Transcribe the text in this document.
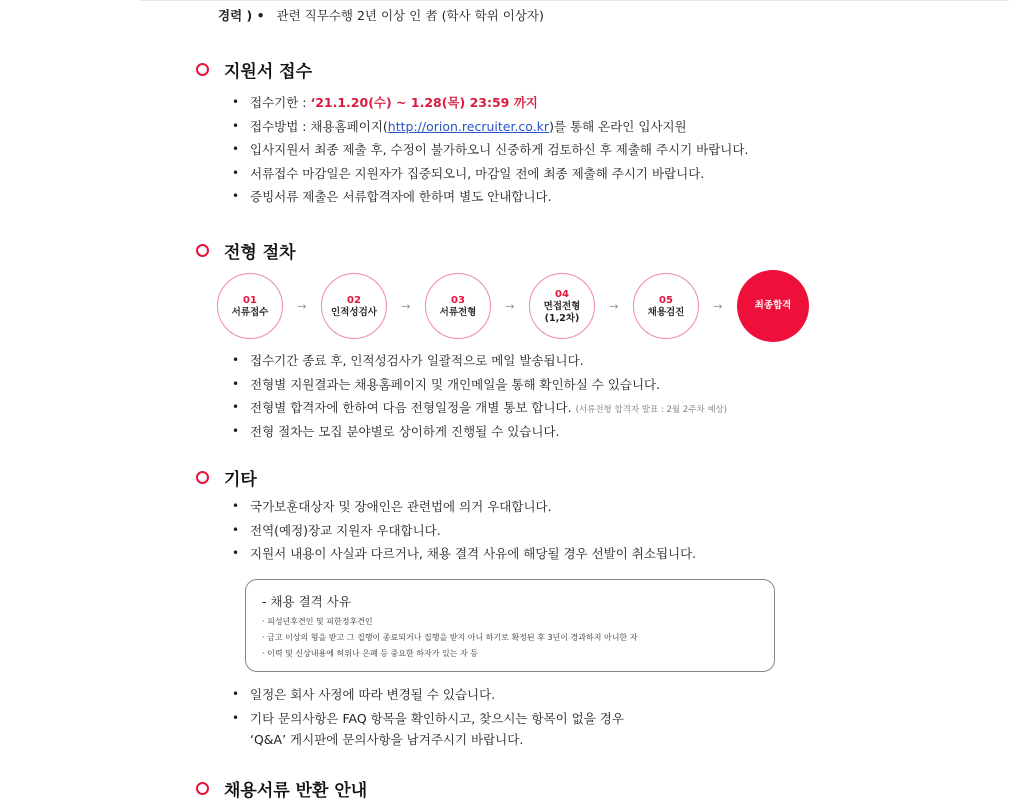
경력 ) • 관련 직무수행 2년 이상 인 者 (학사 학위 이상자)
지원서 접수
• 접수기한 : ‘21.1.20(수) ~ 1.28(목) 23:59 까지
• 접수방법 : 채용홈페이지(http://orion.recruiter.co.kr)를 통해 온라인 입사지원
• 입사지원서 최종 제출 후, 수정이 불가하오니 신중하게 검토하신 후 제출해 주시기 바랍니다.
• 서류접수 마감일은 지원자가 집중되오니, 마감일 전에 최종 제출해 주시기 바랍니다.
• 증빙서류 제출은 서류합격자에 한하며 별도 안내합니다.
전형 절차
01
서류접수	→	02
인적성검사	→	03
서류전형	→
04
면접전형
(1,2차)
→	05
채용검진	→	최종합격
• 접수기간 종료 후, 인적성검사가 일괄적으로 메일 발송됩니다.
• 전형별 지원결과는 채용홈페이지 및 개인메일을 통해 확인하실 수 있습니다.
• 전형별 합격자에 한하여 다음 전형일정을 개별 통보 합니다. (서류전형 합격자 발표 : 2월 2주차 예상)
• 전형 절차는 모집 분야별로 상이하게 진행될 수 있습니다.
기타
• 국가보훈대상자 및 장애인은 관련법에 의거 우대합니다.
• 전역(예정)장교 지원자 우대합니다.
• 지원서 내용이 사실과 다르거나, 채용 결격 사유에 해당될 경우 선발이 취소됩니다.
- 채용 결격 사유
· 피성년후견인 및 피한정후견인
· 금고 이상의 형을 받고 그 집행이 종료되거나 집행을 받지 아니 하기로 확정된 후 3년이 경과하지 아니한 자
· 이력 및 신상내용에 허위나 은폐 등 중요한 하자가 있는 자 등
• 일정은 회사 사정에 따라 변경될 수 있습니다.
• 기타 문의사항은 FAQ 항목을 확인하시고, 찾으시는 항목이 없을 경우
‘Q&A’ 게시판에 문의사항을 남겨주시기 바랍니다.
채용서류 반환 안내
